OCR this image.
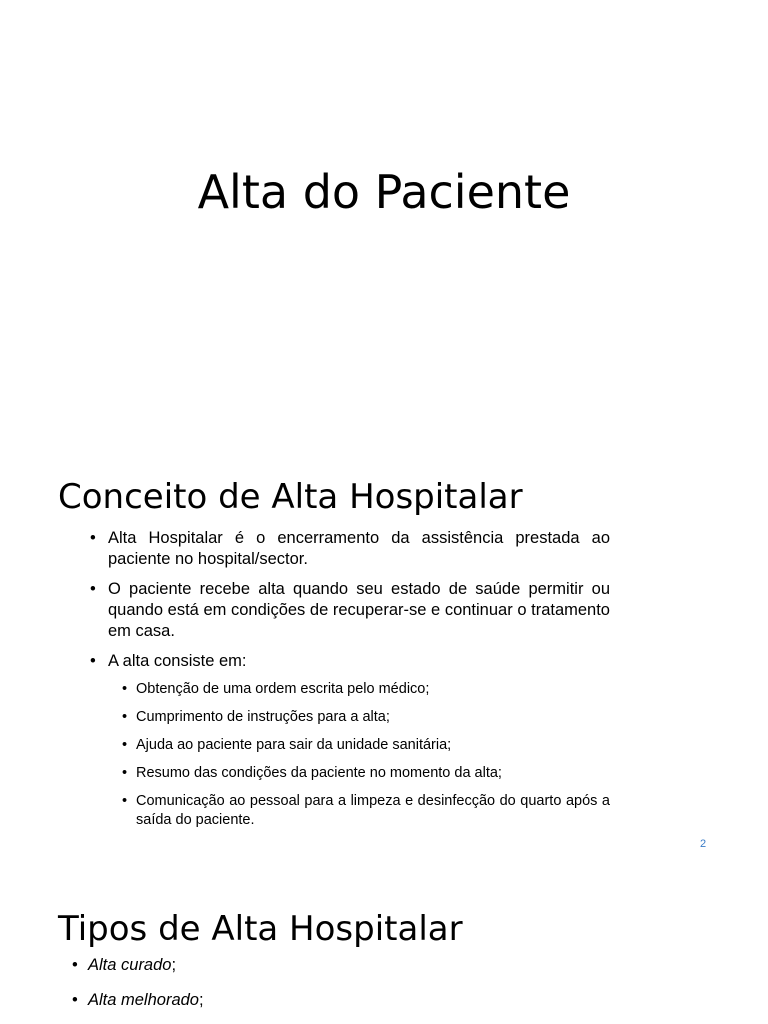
Alta do Paciente
Conceito de Alta Hospitalar
• Alta Hospitalar é o encerramento da assistência prestada ao paciente no hospital/sector.
• O paciente recebe alta quando seu estado de saúde permitir ou quando está em condições de recuperar-se e continuar o tratamento em casa.
• A alta consiste em:
• Obtenção de uma ordem escrita pelo médico;
• Cumprimento de instruções para a alta;
• Ajuda ao paciente para sair da unidade sanitária;
• Resumo das condições da paciente no momento da alta;
• Comunicação ao pessoal para a limpeza e desinfecção do quarto após a saída do paciente.
2
Tipos de Alta Hospitalar
• Alta curado;
• Alta melhorado;
